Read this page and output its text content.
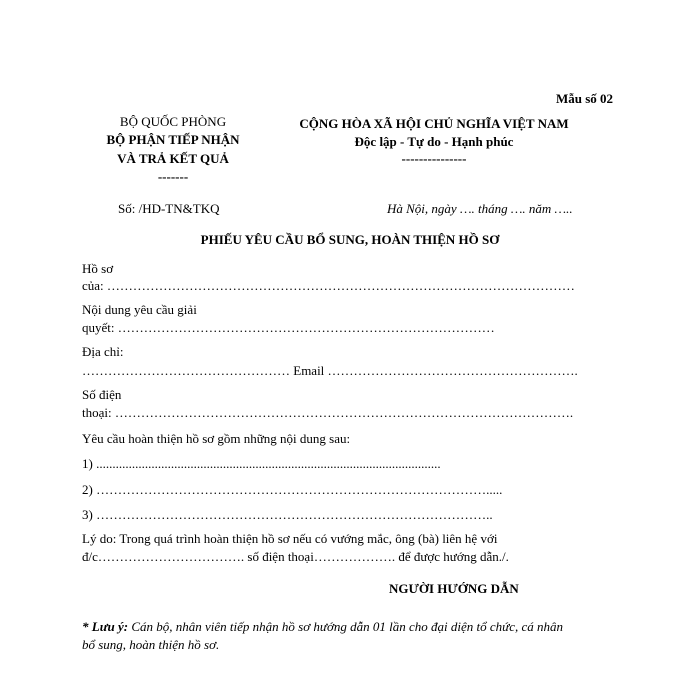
Mẫu số 02
BỘ QUỐC PHÒNG
BỘ PHẬN TIẾP NHẬN
VÀ TRẢ KẾT QUẢ
-------
CỘNG HÒA XÃ HỘI CHỦ NGHĨA VIỆT NAM
Độc lập - Tự do - Hạnh phúc
---------------
Số: /HD-TN&TKQ	Hà Nội, ngày …. tháng …. năm …..
PHIẾU YÊU CẦU BỔ SUNG, HOÀN THIỆN HỒ SƠ
Hồ sơ
của: ………………………………………………………………………………………………
Nội dung yêu cầu giải
quyết: ……………………………………………………………………………
Địa chỉ:
………………………………………… Email ………………………………………………….
Số điện
thoại: …………………………………………………………………………………………….
Yêu cầu hoàn thiện hồ sơ gồm những nội dung sau:
1) ..........................................................................................................
2) ……………………………………………………………………………….....
3) ………………………………………………………………………………..
Lý do: Trong quá trình hoàn thiện hồ sơ nếu có vướng mắc, ông (bà) liên hệ với
đ/c……………………………. số điện thoại………………. để được hướng dẫn./.
NGƯỜI HƯỚNG DẪN
* Lưu ý: Cán bộ, nhân viên tiếp nhận hồ sơ hướng dẫn 01 lần cho đại diện tổ chức, cá nhân
bổ sung, hoàn thiện hồ sơ.
